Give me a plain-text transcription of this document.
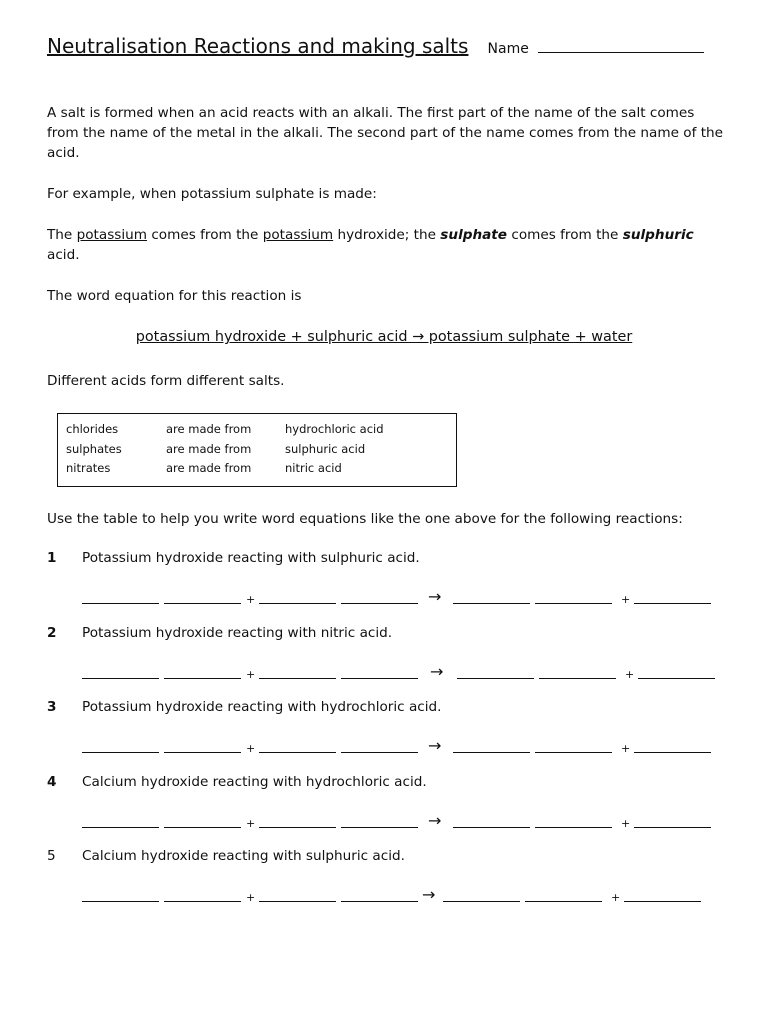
Neutralisation Reactions and making salts Name
A salt is formed when an acid reacts with an alkali. The first part of the name of the salt comes from the name of the metal in the alkali. The second part of the name comes from the name of the acid.
For example, when potassium sulphate is made:
The potassium comes from the potassium hydroxide; the sulphate comes from the sulphuric acid.
The word equation for this reaction is
potassium hydroxide + sulphuric acid → potassium sulphate + water
Different acids form different salts.
chlorides	are made from	hydrochloric acid
sulphates	are made from	sulphuric acid
nitrates	are made from	nitric acid
Use the table to help you write word equations like the one above for the following reactions:
1 Potassium hydroxide reacting with sulphuric acid.
+	→	+
2 Potassium hydroxide reacting with nitric acid.
+	→	+
3 Potassium hydroxide reacting with hydrochloric acid.
+	→	+
4 Calcium hydroxide reacting with hydrochloric acid.
+	→	+
5 Calcium hydroxide reacting with sulphuric acid.
+	→	+
